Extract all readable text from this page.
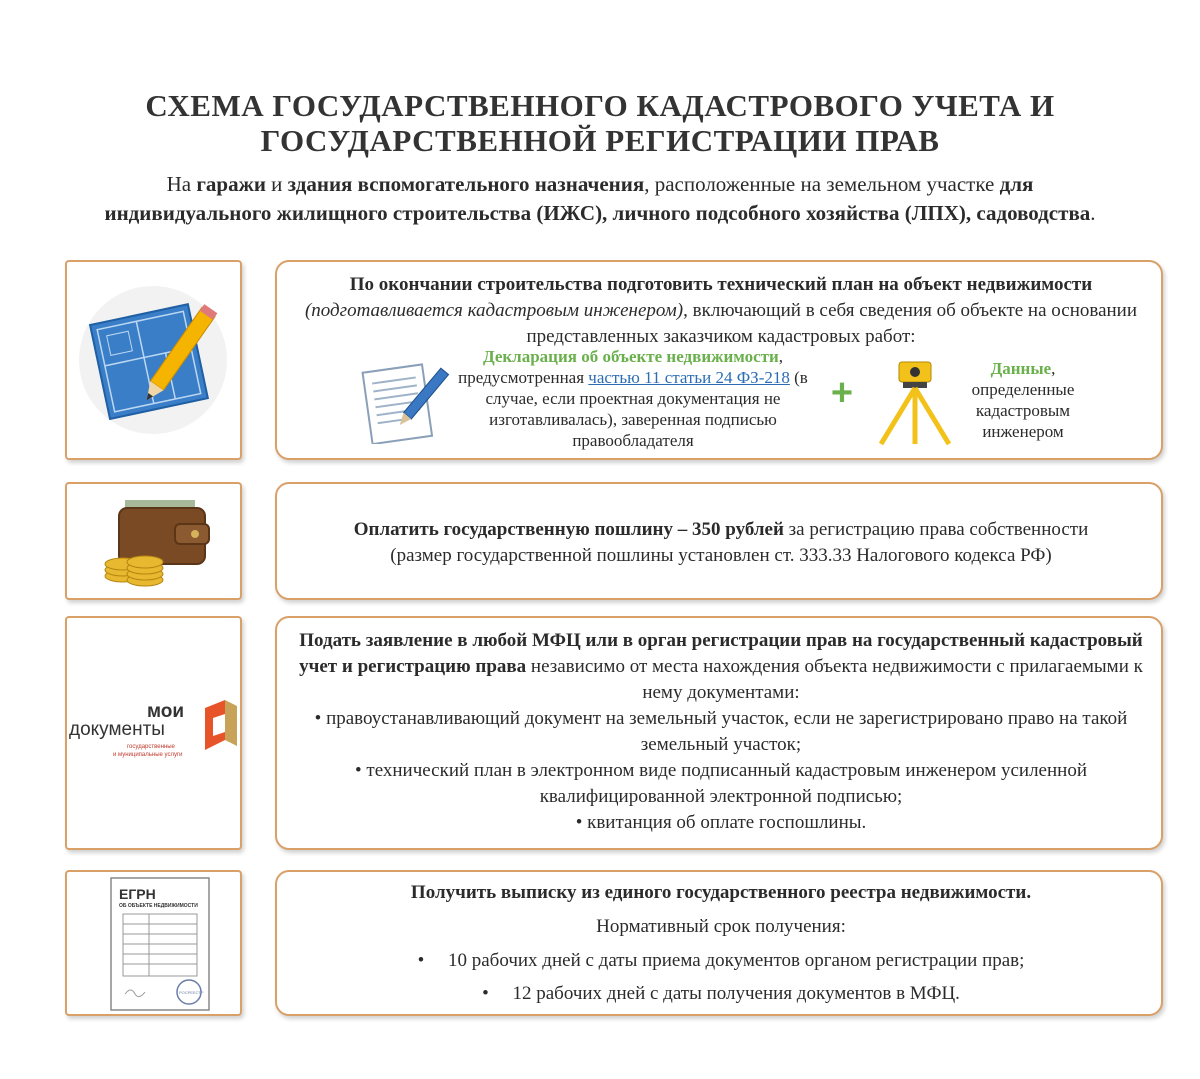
СХЕМА ГОСУДАРСТВЕННОГО КАДАСТРОВОГО УЧЕТА И
ГОСУДАРСТВЕННОЙ РЕГИСТРАЦИИ ПРАВ
На гаражи и здания вспомогательного назначения, расположенные на земельном участке для индивидуального жилищного строительства (ИЖС), личного подсобного хозяйства (ЛПХ), садоводства.
По окончании строительства подготовить технический план на объект недвижимости (подготавливается кадастровым инженером), включающий в себя сведения об объекте на основании представленных заказчиком кадастровых работ:
Декларация об объекте недвижимости, предусмотренная частью 11 статьи 24 ФЗ-218 (в случае, если проектная документация не изготавливалась), заверенная подписью правообладателя
+
Данные, определенные кадастровым инженером
Оплатить государственную пошлину – 350 рублей за регистрацию права собственности
(размер государственной пошлины установлен ст. 333.33 Налогового кодекса РФ)
мои
документы
государственные
и муниципальные услуги
Подать заявление в любой МФЦ или в орган регистрации прав на государственный кадастровый учет и регистрацию права независимо от места нахождения объекта недвижимости с прилагаемыми к нему документами:
• правоустанавливающий документ на земельный участок, если не зарегистрировано право на такой земельный участок;
• технический план в электронном виде подписанный кадастровым инженером усиленной квалифицированной электронной подписью;
• квитанция об оплате госпошлины.
ЕГРН
ОБ ОБЪЕКТЕ НЕДВИЖИМОСТИ
РОСРЕЕСТР
Получить выписку из единого государственного реестра недвижимости.
Нормативный срок получения:
• 10 рабочих дней с даты приема документов органом регистрации прав;
• 12 рабочих дней с даты получения документов в МФЦ.
